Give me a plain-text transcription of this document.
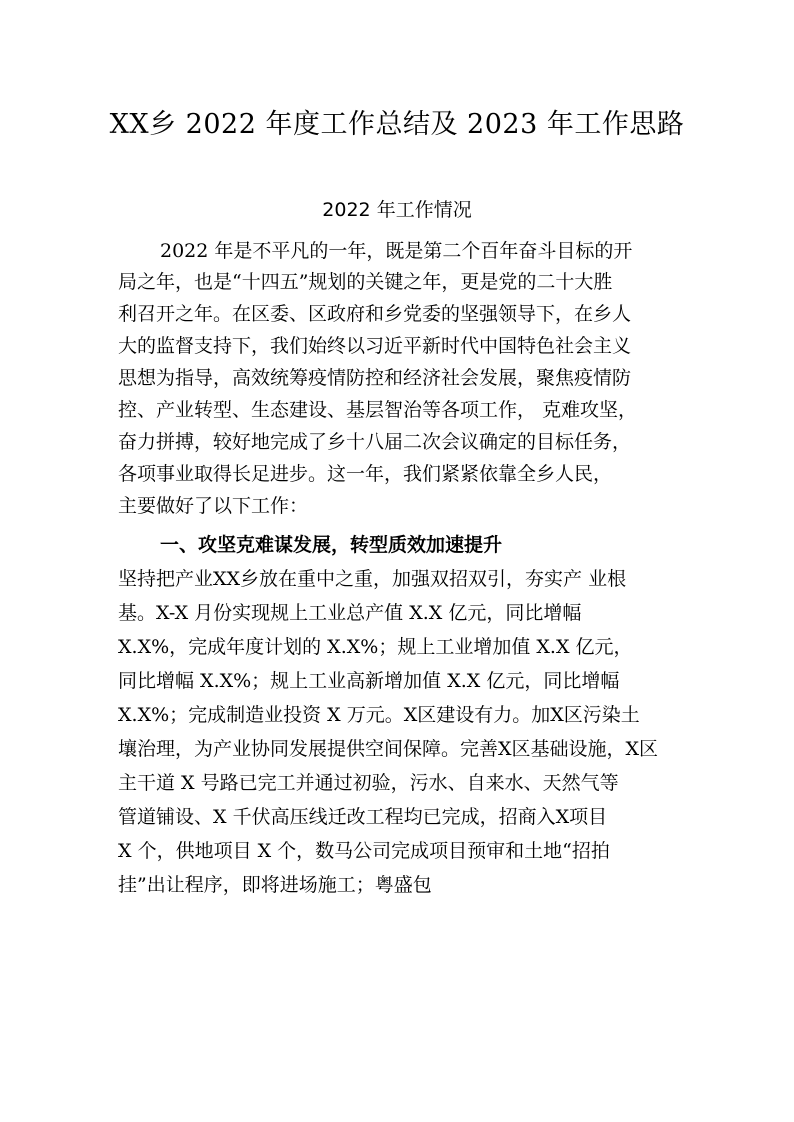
XX乡 2022 年度工作总结及 2023 年工作思路
2022 年工作情况
2022 年是不平凡的一年，既是第二个百年奋斗目标的开
局之年，也是“十四五”规划的关键之年，更是党的二十大胜
利召开之年。在区委、区政府和乡党委的坚强领导下，在乡人
大的监督支持下，我们始终以习近平新时代中国特色社会主义
思想为指导，高效统筹疫情防控和经济社会发展，聚焦疫情防
控、产业转型、生态建设、基层智治等各项工作， 克难攻坚，
奋力拼搏，较好地完成了乡十八届二次会议确定的目标任务，
各项事业取得长足进步。这一年，我们紧紧依靠全乡人民，
主要做好了以下工作：
一、攻坚克难谋发展，转型质效加速提升
坚持把产业XX乡放在重中之重，加强双招双引，夯实产 业根
基。X-X 月份实现规上工业总产值 X.X 亿元，同比增幅
X.X%，完成年度计划的 X.X%；规上工业增加值 X.X 亿元，
同比增幅 X.X%；规上工业高新增加值 X.X 亿元，同比增幅
X.X%；完成制造业投资 X 万元。X区建设有力。加X区污染土
壤治理，为产业协同发展提供空间保障。完善X区基础设施，X区
主干道 X 号路已完工并通过初验，污水、自来水、天然气等
管道铺设、X 千伏高压线迁改工程均已完成，招商入X项目
X 个，供地项目 X 个，数马公司完成项目预审和土地“招拍
挂”出让程序，即将进场施工；粤盛包
